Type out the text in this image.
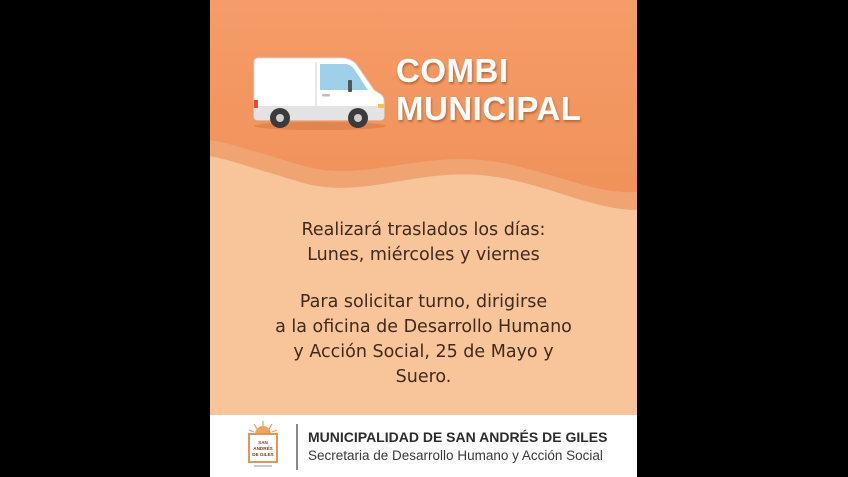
COMBI
MUNICIPAL
Realizará traslados los días:
Lunes, miércoles y viernes
Para solicitar turno, dirigirse
a la oficina de Desarrollo Humano
y Acción Social, 25 de Mayo y
Suero.
SAN
ANDRÉS
DE GILES
MUNICIPALIDAD DE SAN ANDRÉS DE GILES
Secretaria de Desarrollo Humano y Acción Social
